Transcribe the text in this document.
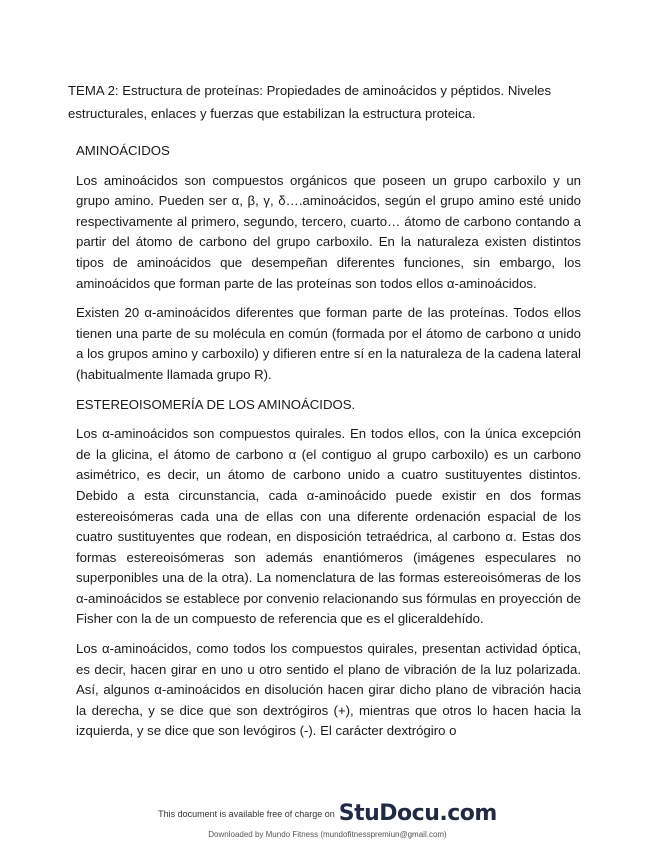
TEMA 2: Estructura de proteínas: Propiedades de aminoácidos y péptidos. Niveles estructurales, enlaces y fuerzas que estabilizan la estructura proteica.

AMINOÁCIDOS

Los aminoácidos son compuestos orgánicos que poseen un grupo carboxilo y un grupo amino. Pueden ser α, β, γ, δ….aminoácidos, según el grupo amino esté unido respectivamente al primero, segundo, tercero, cuarto… átomo de carbono contando a partir del átomo de carbono del grupo carboxilo. En la naturaleza existen distintos tipos de aminoácidos que desempeñan diferentes funciones, sin embargo, los aminoácidos que forman parte de las proteínas son todos ellos α-aminoácidos.

Existen 20 α-aminoácidos diferentes que forman parte de las proteínas. Todos ellos tienen una parte de su molécula en común (formada por el átomo de carbono α unido a los grupos amino y carboxilo) y difieren entre sí en la naturaleza de la cadena lateral (habitualmente llamada grupo R).

ESTEREOISOMERÍA DE LOS AMINOÁCIDOS.

Los α-aminoácidos son compuestos quirales. En todos ellos, con la única excepción de la glicina, el átomo de carbono α (el contiguo al grupo carboxilo) es un carbono asimétrico, es decir, un átomo de carbono unido a cuatro sustituyentes distintos. Debido a esta circunstancia, cada α-aminoácido puede existir en dos formas estereoisómeras cada una de ellas con una diferente ordenación espacial de los cuatro sustituyentes que rodean, en disposición tetraédrica, al carbono α. Estas dos formas estereoisómeras son además enantiómeros (imágenes especulares no superponibles una de la otra). La nomenclatura de las formas estereoisómeras de los α-aminoácidos se establece por convenio relacionando sus fórmulas en proyección de Fisher con la de un compuesto de referencia que es el gliceraldehído.

Los α-aminoácidos, como todos los compuestos quirales, presentan actividad óptica, es decir, hacen girar en uno u otro sentido el plano de vibración de la luz polarizada. Así, algunos α-aminoácidos en disolución hacen girar dicho plano de vibración hacia la derecha, y se dice que son dextrógiros (+), mientras que otros lo hacen hacia la izquierda, y se dice que son levógiros (-). El carácter dextrógiro o

This document is available free of charge on Stu Docu . com
Downloaded by Mundo Fitness (mundofitnesspremiun@gmail.com)
